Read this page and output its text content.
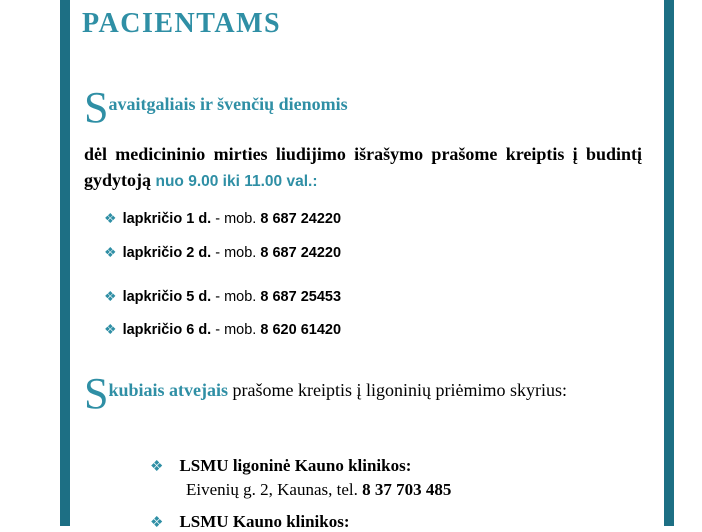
PACIENTAMS
Savaitgaliais ir švenčių dienomis
dėl medicininio mirties liudijimo išrašymo prašome kreiptis į budintį gydytoją nuo 9.00 iki 11.00 val.:
❖ lapkričio 1 d. - mob. 8 687 24220
❖ lapkričio 2 d. - mob. 8 687 24220
❖ lapkričio 5 d. - mob. 8 687 25453
❖ lapkričio 6 d. - mob. 8 620 61420
Skubiais atvejais prašome kreiptis į ligoninių priėmimo skyrius:
❖ LSMU ligoninė Kauno klinikos:
Eivenių g. 2, Kaunas, tel. 8 37 703 485
❖ LSMU Kauno klinikos:
